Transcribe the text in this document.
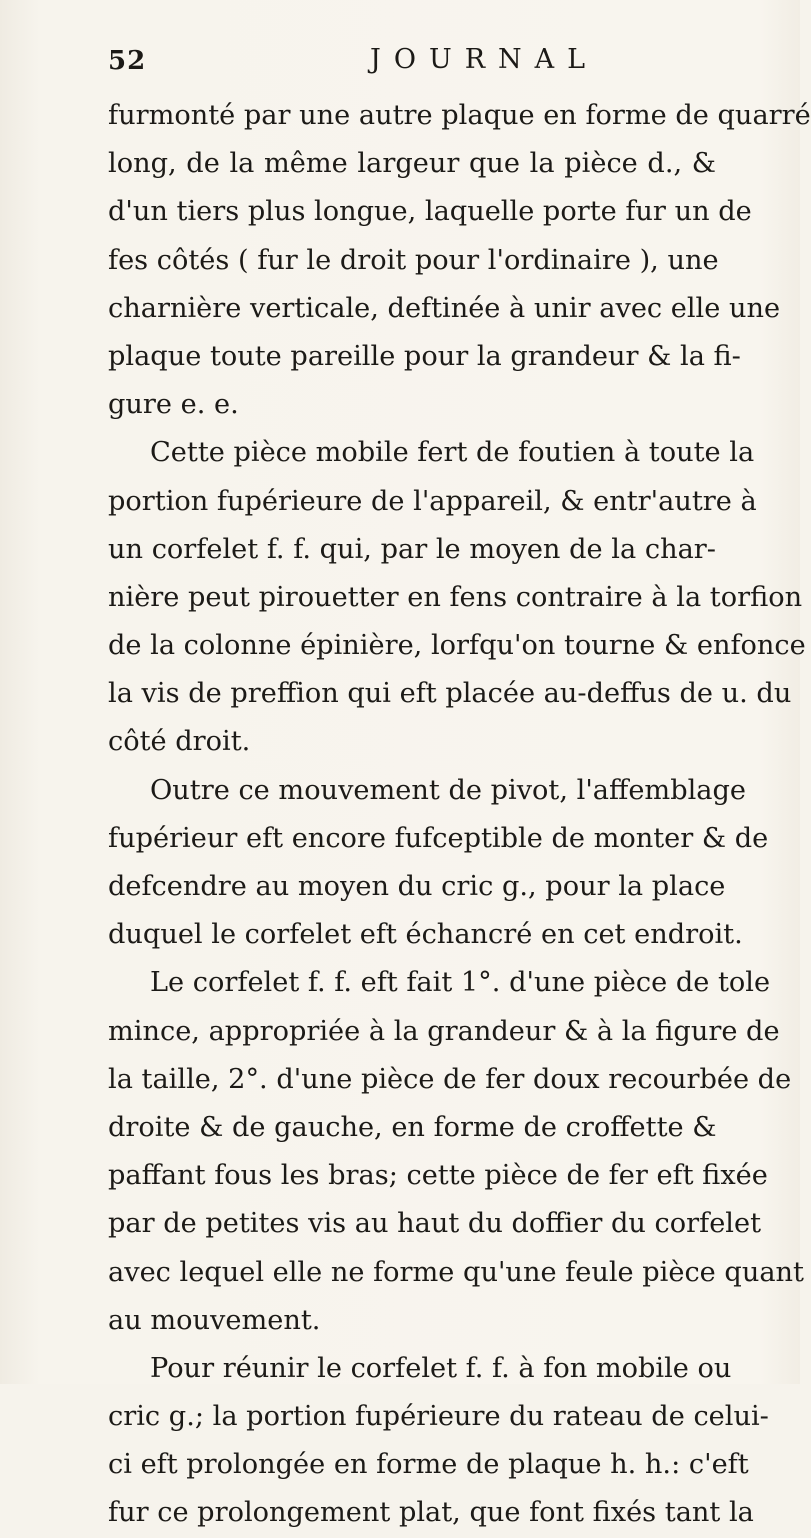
52	JOURNAL
furmonté par une autre plaque en forme de quarré
long, de la même largeur que la pièce d., &
d'un tiers plus longue, laquelle porte fur un de
fes côtés ( fur le droit pour l'ordinaire ), une
charnière verticale, deftinée à unir avec elle une
plaque toute pareille pour la grandeur & la fi-
gure e. e.
Cette pièce mobile fert de foutien à toute la
portion fupérieure de l'appareil, & entr'autre à
un corfelet f. f. qui, par le moyen de la char-
nière peut pirouetter en fens contraire à la torfion
de la colonne épinière, lorfqu'on tourne & enfonce
la vis de preffion qui eft placée au-deffus de u. du
côté droit.
Outre ce mouvement de pivot, l'affemblage
fupérieur eft encore fufceptible de monter & de
defcendre au moyen du cric g., pour la place
duquel le corfelet eft échancré en cet endroit.
Le corfelet f. f. eft fait 1°. d'une pièce de tole
mince, appropriée à la grandeur & à la figure de
la taille, 2°. d'une pièce de fer doux recourbée de
droite & de gauche, en forme de croffette &
paffant fous les bras; cette pièce de fer eft fixée
par de petites vis au haut du doffier du corfelet
avec lequel elle ne forme qu'une feule pièce quant
au mouvement.
Pour réunir le corfelet f. f. à fon mobile ou
cric g.; la portion fupérieure du rateau de celui-
ci eft prolongée en forme de plaque h. h.: c'eft
fur ce prolongement plat, que font fixés tant la
